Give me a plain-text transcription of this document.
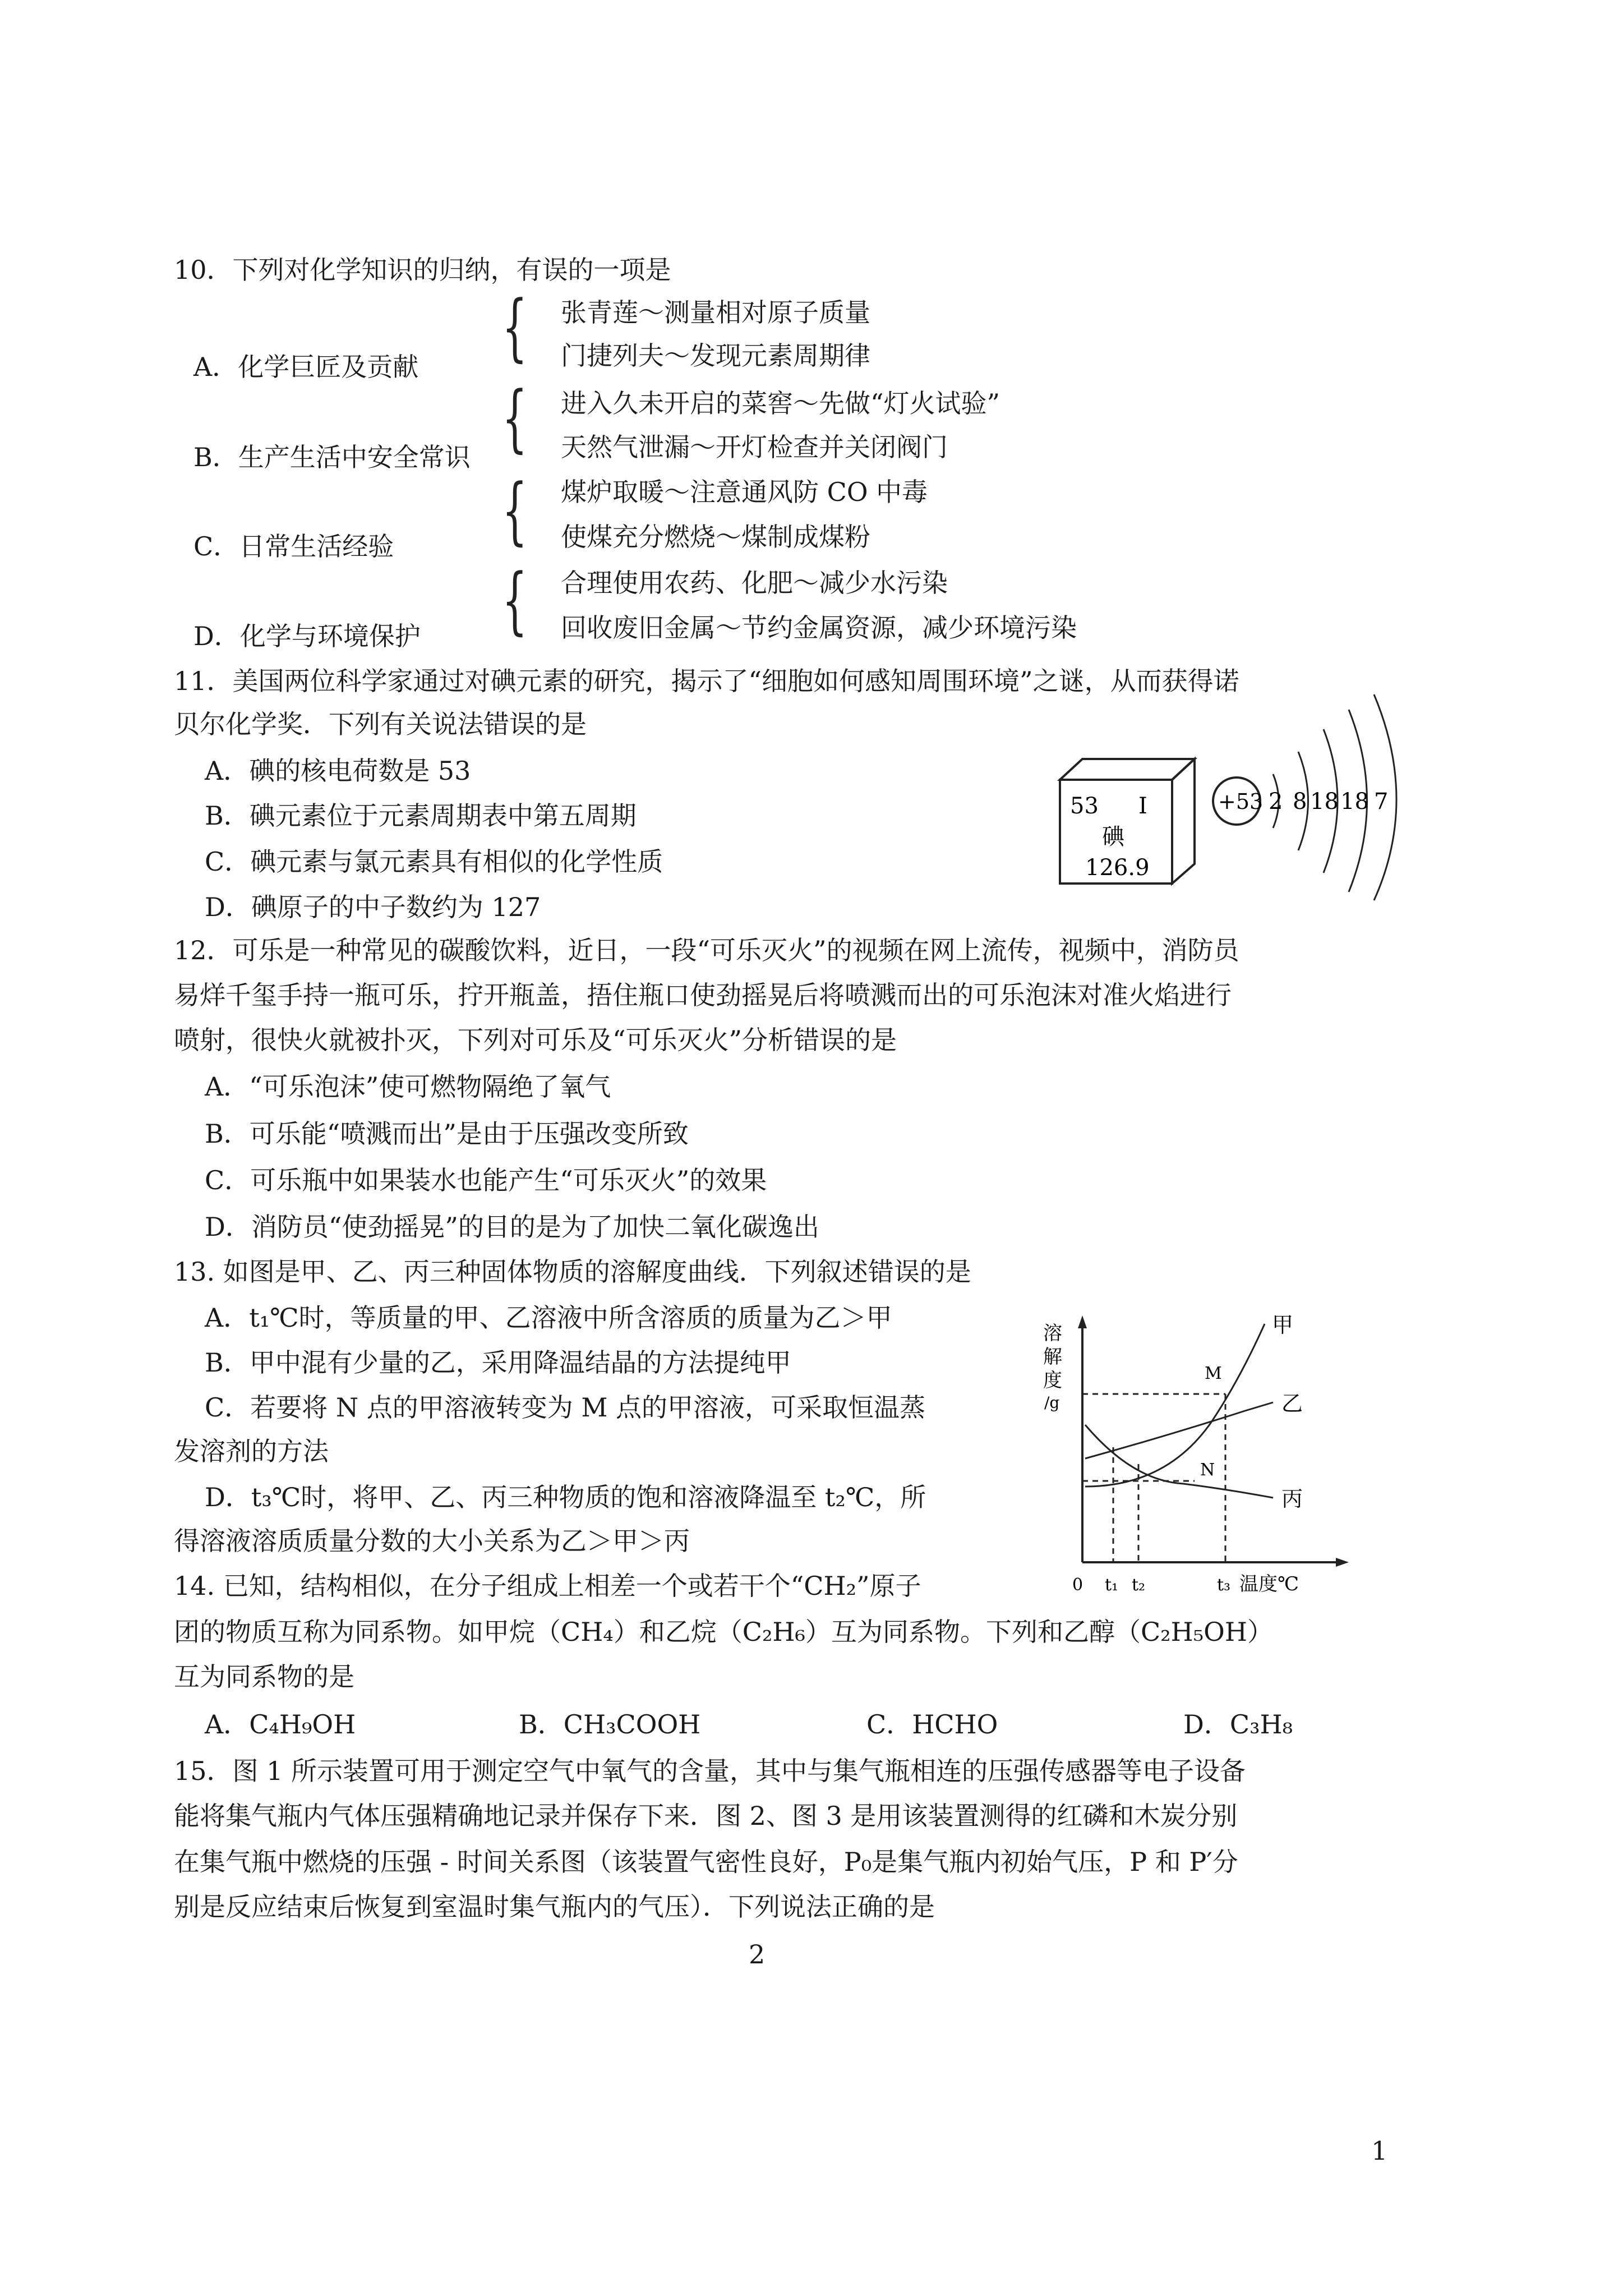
10．下列对化学知识的归纳，有误的一项是
A．化学巨匠及贡献 { 张青莲～测量相对原子质量
门捷列夫～发现元素周期律
B．生产生活中安全常识 { 进入久未开启的菜窖～先做“灯火试验”
天然气泄漏～开灯检查并关闭阀门
C．日常生活经验 { 煤炉取暖～注意通风防 CO 中毒
使煤充分燃烧～煤制成煤粉
D．化学与环境保护 { 合理使用农药、化肥～减少水污染
回收废旧金属～节约金属资源，减少环境污染
11．美国两位科学家通过对碘元素的研究，揭示了“细胞如何感知周围环境”之谜，从而获得诺
贝尔化学奖．下列有关说法错误的是
A．碘的核电荷数是 53
B．碘元素位于元素周期表中第五周期
C．碘元素与氯元素具有相似的化学性质
D．碘原子的中子数约为 127
53 I
碘
126.9
+53 2 8 18 18 7
12．可乐是一种常见的碳酸饮料，近日，一段“可乐灭火”的视频在网上流传，视频中，消防员
易烊千玺手持一瓶可乐，拧开瓶盖，捂住瓶口使劲摇晃后将喷溅而出的可乐泡沫对准火焰进行
喷射，很快火就被扑灭，下列对可乐及“可乐灭火”分析错误的是
A．“可乐泡沫”使可燃物隔绝了氧气
B．可乐能“喷溅而出”是由于压强改变所致
C．可乐瓶中如果装水也能产生“可乐灭火”的效果
D．消防员“使劲摇晃”的目的是为了加快二氧化碳逸出
13. 如图是甲、乙、丙三种固体物质的溶解度曲线．下列叙述错误的是
A．t₁℃时，等质量的甲、乙溶液中所含溶质的质量为乙＞甲
B．甲中混有少量的乙，采用降温结晶的方法提纯甲
C．若要将 N 点的甲溶液转变为 M 点的甲溶液，可采取恒温蒸
发溶剂的方法
D．t₃℃时，将甲、乙、丙三种物质的饱和溶液降温至 t₂℃，所
得溶液溶质质量分数的大小关系为乙＞甲＞丙
溶
解
度
/g
甲
乙
丙
M
N
0 t₁ t₂	t₃ 温度℃
14. 已知，结构相似，在分子组成上相差一个或若干个“CH₂”原子
团的物质互称为同系物。如甲烷（CH₄）和乙烷（C₂H₆）互为同系物。下列和乙醇（C₂H₅OH）
互为同系物的是
A．C₄H₉OH	B．CH₃COOH	C．HCHO	D．C₃H₈
15．图 1 所示装置可用于测定空气中氧气的含量，其中与集气瓶相连的压强传感器等电子设备
能将集气瓶内气体压强精确地记录并保存下来．图 2、图 3 是用该装置测得的红磷和木炭分别
在集气瓶中燃烧的压强 - 时间关系图（该装置气密性良好，P₀是集气瓶内初始气压，P 和 P′分
别是反应结束后恢复到室温时集气瓶内的气压）．下列说法正确的是
2
1
